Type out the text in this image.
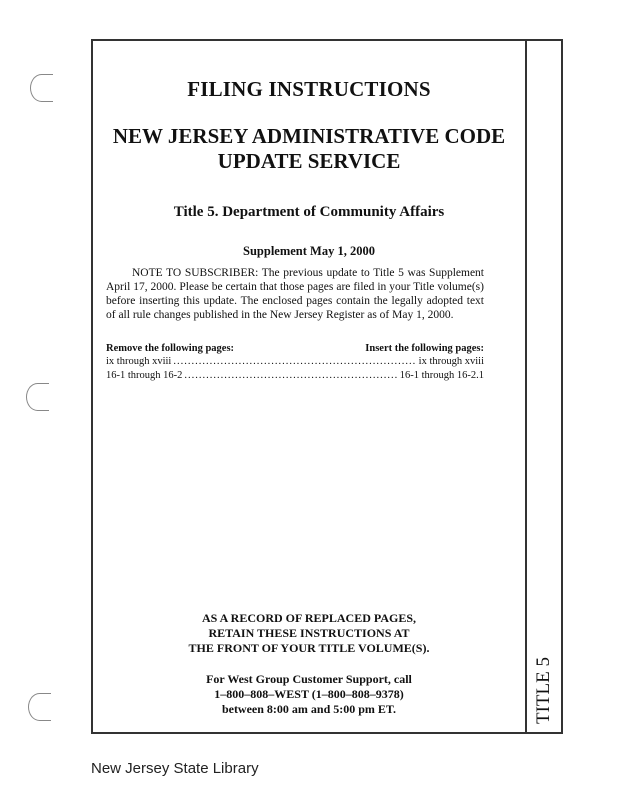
TITLE 5
FILING INSTRUCTIONS
NEW JERSEY ADMINISTRATIVE CODE
UPDATE SERVICE
Title 5. Department of Community Affairs
Supplement May 1, 2000
NOTE TO SUBSCRIBER: The previous update to Title 5 was Supplement April 17, 2000. Please be certain that those pages are filed in your Title volume(s) before inserting this update. The enclosed pages contain the legally adopted text of all rule changes published in the New Jersey Register as of May 1, 2000.
Remove the following pages:	Insert the following pages:
ix through xviii .....	ix through xviii
16-1 through 16-2 .....	16-1 through 16-2.1
AS A RECORD OF REPLACED PAGES,
RETAIN THESE INSTRUCTIONS AT
THE FRONT OF YOUR TITLE VOLUME(S).
For West Group Customer Support, call
1–800–808–WEST (1–800–808–9378)
between 8:00 am and 5:00 pm ET.
New Jersey State Library
